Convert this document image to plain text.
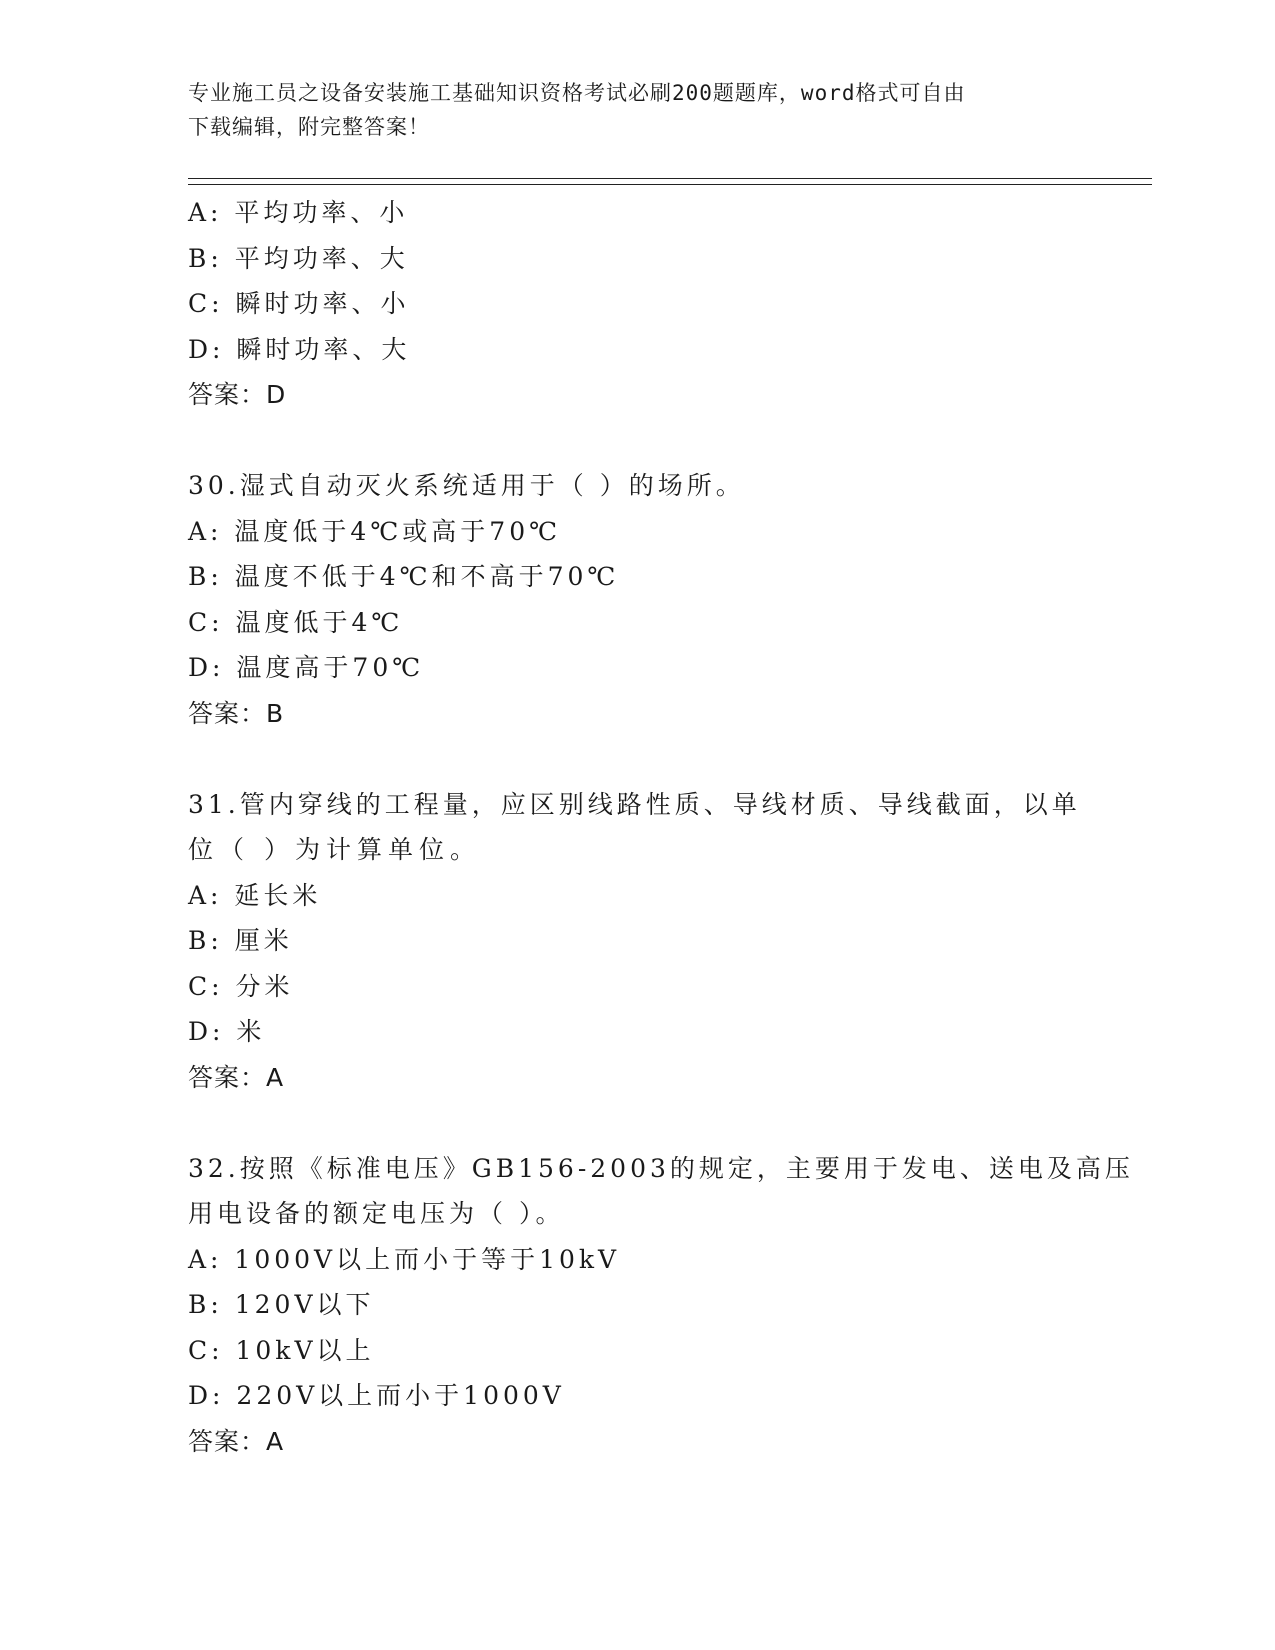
专业施工员之设备安装施工基础知识资格考试必刷200题题库，word格式可自由
下载编辑，附完整答案！
A: 平均功率、小
B: 平均功率、大
C: 瞬时功率、小
D: 瞬时功率、大
答案：D
30.湿式自动灭火系统适用于（ ）的场所。
A: 温度低于4℃或高于70℃
B: 温度不低于4℃和不高于70℃
C: 温度低于4℃
D: 温度高于70℃
答案：B
31.管内穿线的工程量，应区别线路性质、导线材质、导线截面，以单
位（ ）为计算单位。
A: 延长米
B: 厘米
C: 分米
D: 米
答案：A
32.按照《标准电压》GB156-2003的规定，主要用于发电、送电及高压
用电设备的额定电压为（ ）。
A: 1000V以上而小于等于10kV
B: 120V以下
C: 10kV以上
D: 220V以上而小于1000V
答案：A
